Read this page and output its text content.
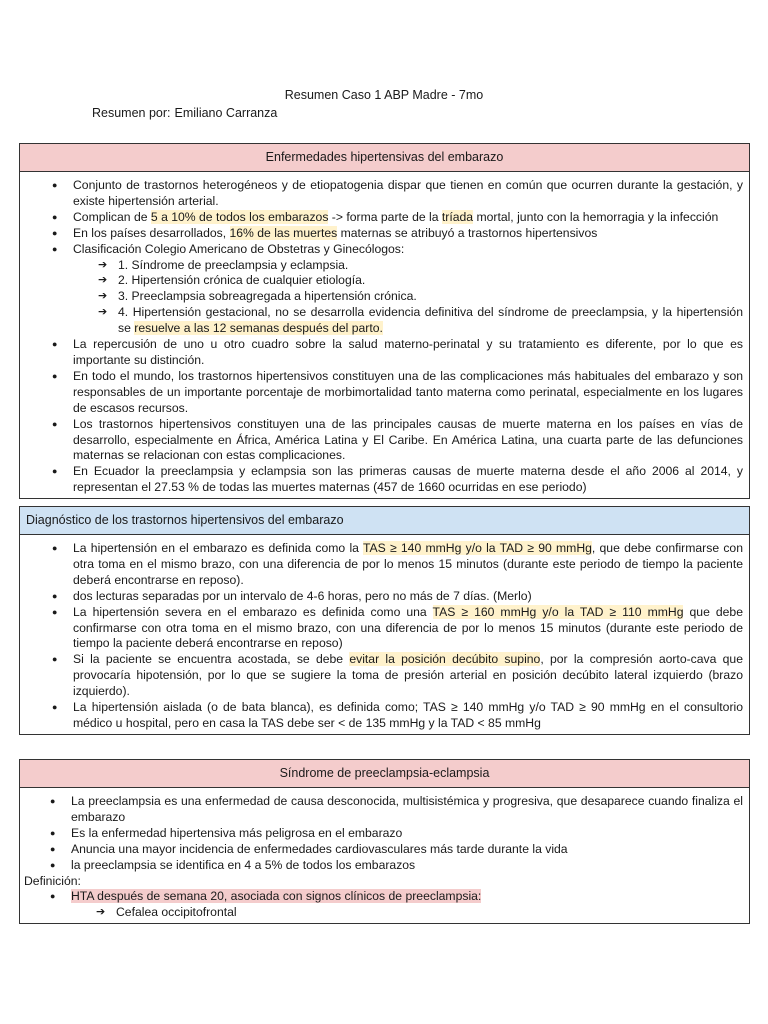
Resumen Caso 1 ABP Madre - 7mo
Resumen por: Emiliano Carranza
Enfermedades hipertensivas del embarazo
● Conjunto de trastornos heterogéneos y de etiopatogenia dispar que tienen en común que ocurren durante la gestación, y existe hipertensión arterial.
● Complican de 5 a 10% de todos los embarazos -> forma parte de la tríada mortal, junto con la hemorragia y la infección
● En los países desarrollados, 16% de las muertes maternas se atribuyó a trastornos hipertensivos
● Clasificación Colegio Americano de Obstetras y Ginecólogos:
➔ 1. Síndrome de preeclampsia y eclampsia.
➔ 2. Hipertensión crónica de cualquier etiología.
➔ 3. Preeclampsia sobreagregada a hipertensión crónica.
➔ 4. Hipertensión gestacional, no se desarrolla evidencia definitiva del síndrome de preeclampsia, y la hipertensión se resuelve a las 12 semanas después del parto.
● La repercusión de uno u otro cuadro sobre la salud materno-perinatal y su tratamiento es diferente, por lo que es importante su distinción.
● En todo el mundo, los trastornos hipertensivos constituyen una de las complicaciones más habituales del embarazo y son responsables de un importante porcentaje de morbimortalidad tanto materna como perinatal, especialmente en los lugares de escasos recursos.
● Los trastornos hipertensivos constituyen una de las principales causas de muerte materna en los países en vías de desarrollo, especialmente en África, América Latina y El Caribe. En América Latina, una cuarta parte de las defunciones maternas se relacionan con estas complicaciones.
● En Ecuador la preeclampsia y eclampsia son las primeras causas de muerte materna desde el año 2006 al 2014, y representan el 27.53 % de todas las muertes maternas (457 de 1660 ocurridas en ese periodo)
Diagnóstico de los trastornos hipertensivos del embarazo
● La hipertensión en el embarazo es definida como la TAS ≥ 140 mmHg y/o la TAD ≥ 90 mmHg, que debe confirmarse con otra toma en el mismo brazo, con una diferencia de por lo menos 15 minutos (durante este periodo de tiempo la paciente deberá encontrarse en reposo).
● dos lecturas separadas por un intervalo de 4-6 horas, pero no más de 7 días. (Merlo)
● La hipertensión severa en el embarazo es definida como una TAS ≥ 160 mmHg y/o la TAD ≥ 110 mmHg que debe confirmarse con otra toma en el mismo brazo, con una diferencia de por lo menos 15 minutos (durante este periodo de tiempo la paciente deberá encontrarse en reposo)
● Si la paciente se encuentra acostada, se debe evitar la posición decúbito supino, por la compresión aorto-cava que provocaría hipotensión, por lo que se sugiere la toma de presión arterial en posición decúbito lateral izquierdo (brazo izquierdo).
● La hipertensión aislada (o de bata blanca), es definida como; TAS ≥ 140 mmHg y/o TAD ≥ 90 mmHg en el consultorio médico u hospital, pero en casa la TAS debe ser < de 135 mmHg y la TAD < 85 mmHg
Síndrome de preeclampsia-eclampsia
● La preeclampsia es una enfermedad de causa desconocida, multisistémica y progresiva, que desaparece cuando finaliza el embarazo
● Es la enfermedad hipertensiva más peligrosa en el embarazo
● Anuncia una mayor incidencia de enfermedades cardiovasculares más tarde durante la vida
● la preeclampsia se identifica en 4 a 5% de todos los embarazos
Definición:
● HTA después de semana 20, asociada con signos clínicos de preeclampsia:
➔ Cefalea occipitofrontal
